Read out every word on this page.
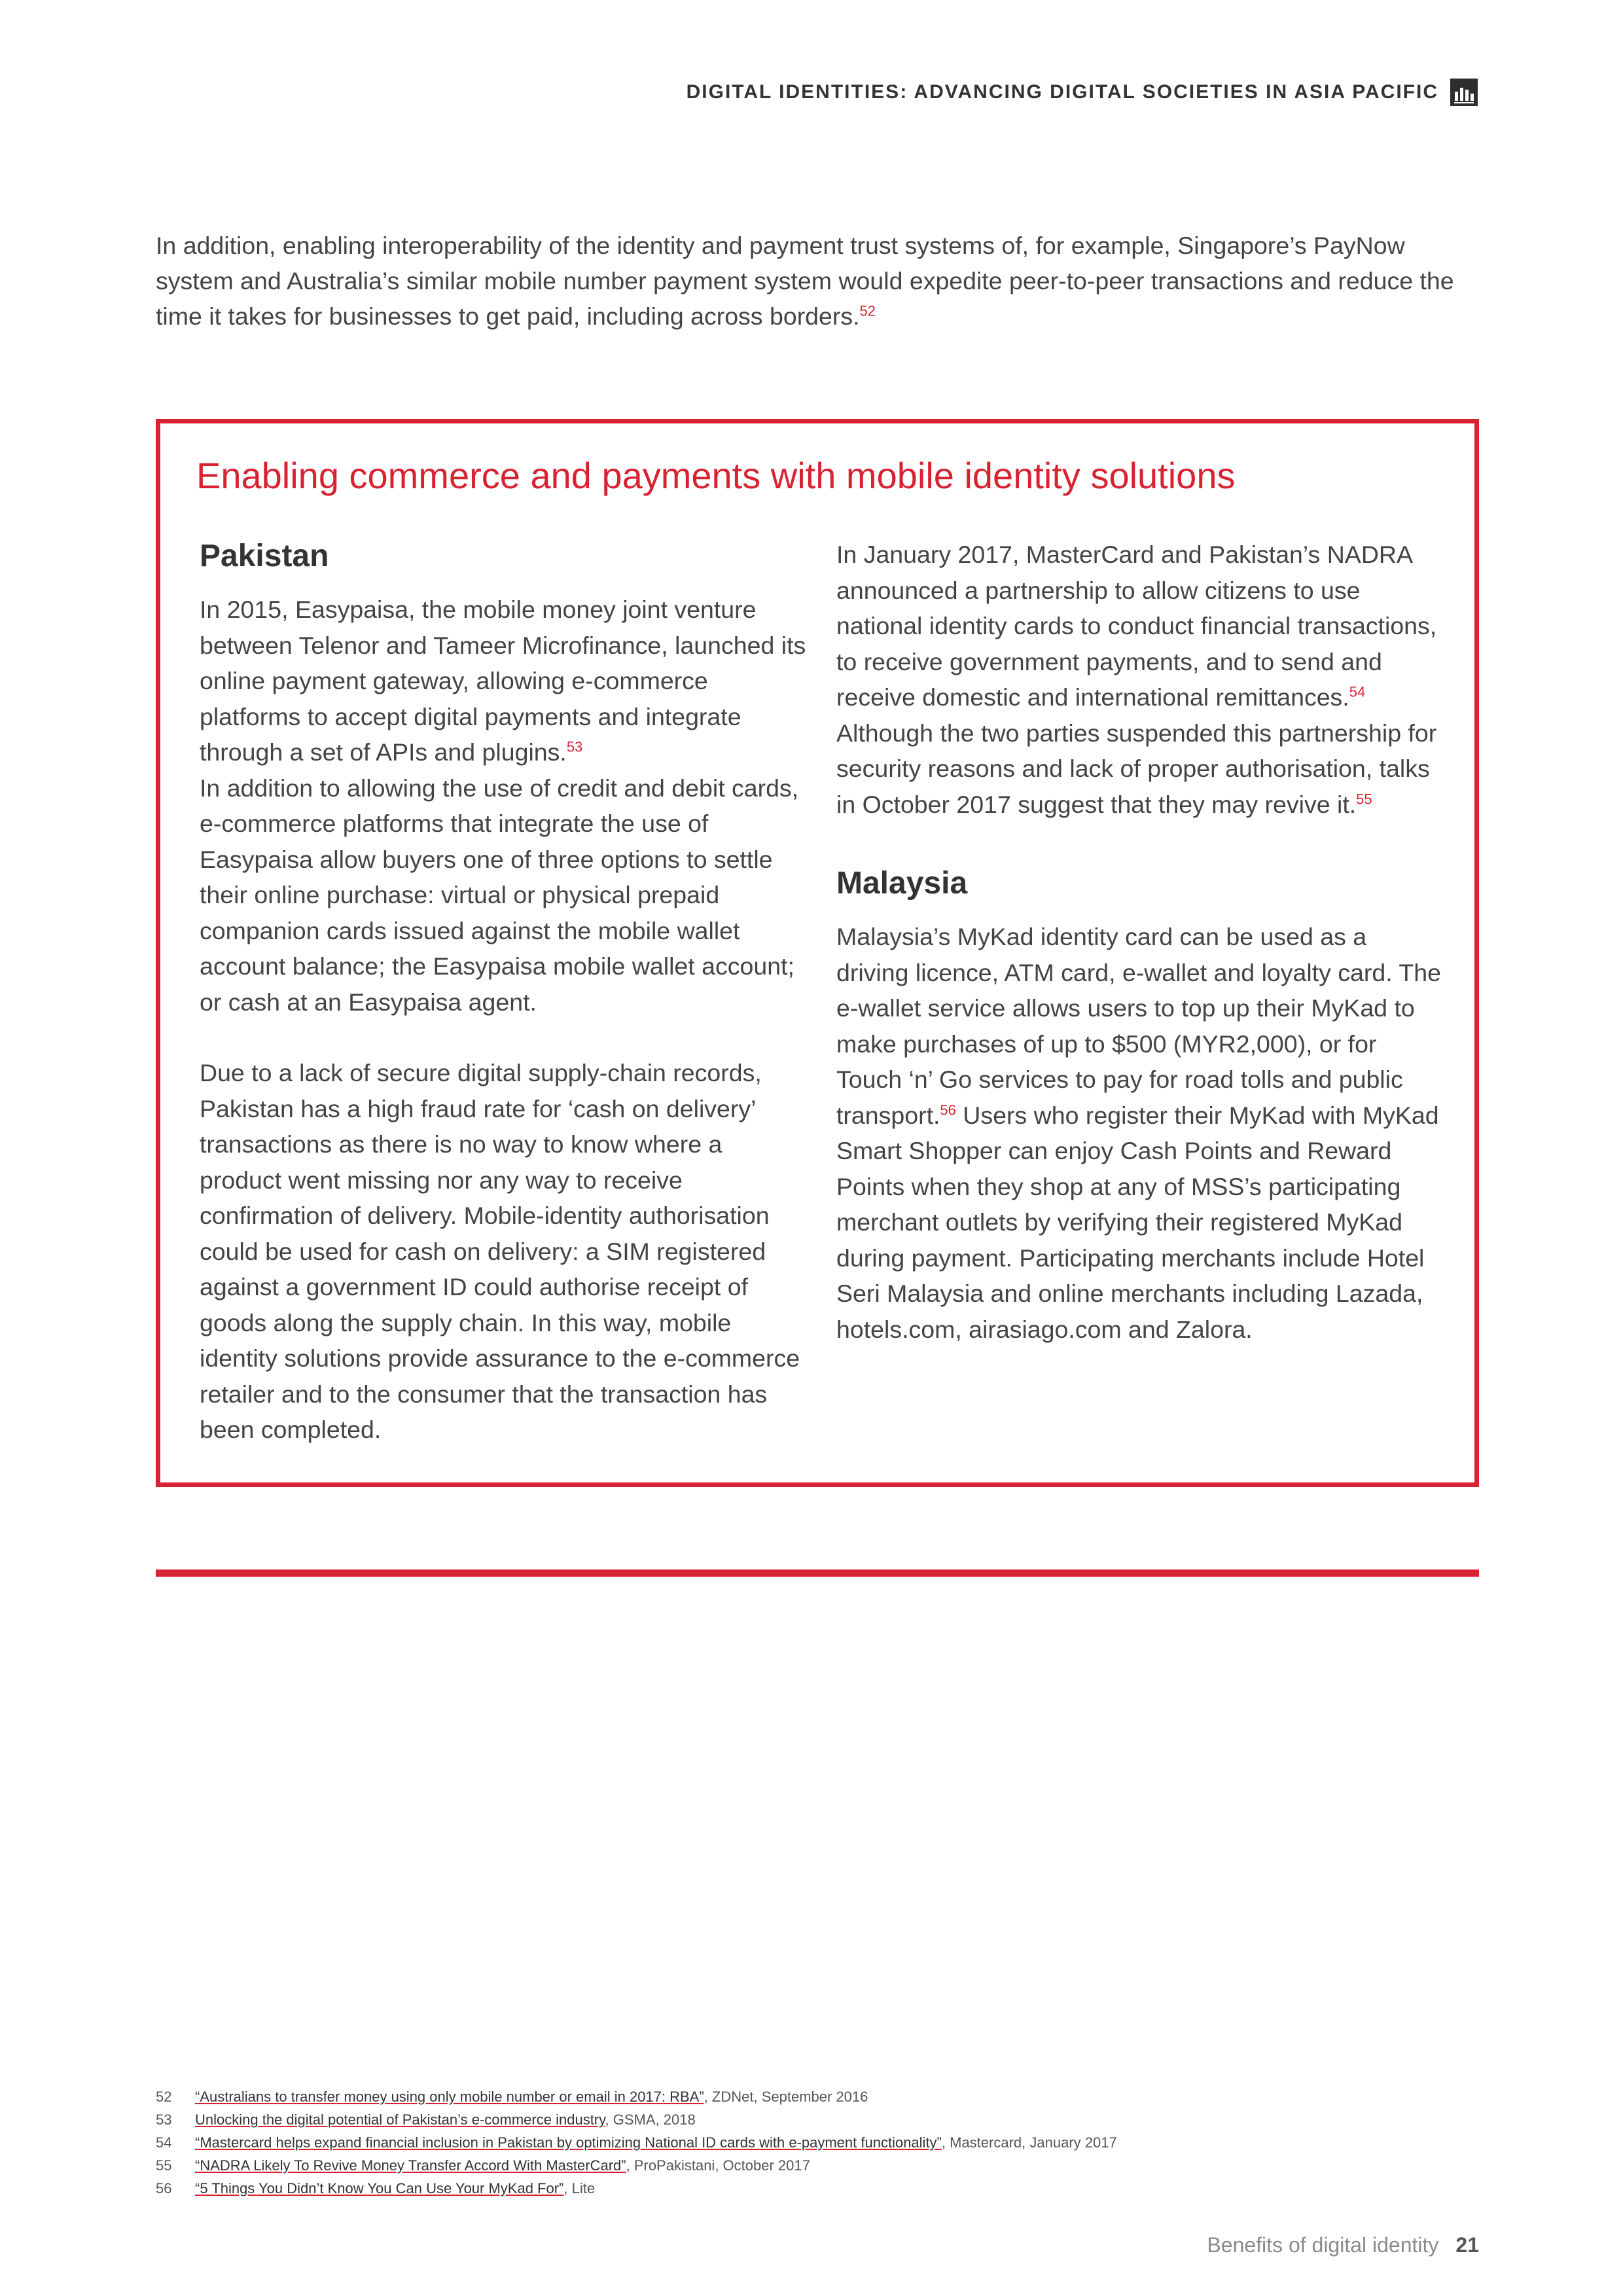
DIGITAL IDENTITIES: ADVANCING DIGITAL SOCIETIES IN ASIA PACIFIC

In addition, enabling interoperability of the identity and payment trust systems of, for example, Singapore’s PayNow system and Australia’s similar mobile number payment system would expedite peer-to-peer transactions and reduce the time it takes for businesses to get paid, including across borders.$^{52}$

Enabling commerce and payments with mobile identity solutions
Pakistan

In 2015, Easypaisa, the mobile money joint venture between Telenor and Tameer Microfinance, launched its online payment gateway, allowing e-commerce platforms to accept digital payments and integrate through a set of APIs and plugins.$^{53}$
In addition to allowing the use of credit and debit cards, e-commerce platforms that integrate the use of Easypaisa allow buyers one of three options to settle their online purchase: virtual or physical prepaid companion cards issued against the mobile wallet account balance; the Easypaisa mobile wallet account; or cash at an Easypaisa agent.

Due to a lack of secure digital supply-chain records, Pakistan has a high fraud rate for ‘cash on delivery’ transactions as there is no way to know where a product went missing nor any way to receive confirmation of delivery. Mobile-identity authorisation could be used for cash on delivery: a SIM registered against a government ID could authorise receipt of goods along the supply chain. In this way, mobile identity solutions provide assurance to the e-commerce retailer and to the consumer that the transaction has been completed.

In January 2017, MasterCard and Pakistan’s NADRA announced a partnership to allow citizens to use national identity cards to conduct financial transactions, to receive government payments, and to send and receive domestic and international remittances.$^{54}$ Although the two parties suspended this partnership for security reasons and lack of proper authorisation, talks in October 2017 suggest that they may revive it.$^{55}$

Malaysia

Malaysia’s MyKad identity card can be used as a driving licence, ATM card, e-wallet and loyalty card. The e-wallet service allows users to top up their MyKad to make purchases of up to $500 (MYR2,000), or for Touch ‘n’ Go services to pay for road tolls and public transport.$^{56}$ Users who register their MyKad with MyKad Smart Shopper can enjoy Cash Points and Reward Points when they shop at any of MSS’s participating merchant outlets by verifying their registered MyKad during payment. Participating merchants include Hotel Seri Malaysia and online merchants including Lazada, hotels.com, airasiago.com and Zalora.

52	“Australians to transfer money using only mobile number or email in 2017: RBA”, ZDNet, September 2016
53	Unlocking the digital potential of Pakistan’s e-commerce industry, GSMA, 2018
54	“Mastercard helps expand financial inclusion in Pakistan by optimizing National ID cards with e-payment functionality”, Mastercard, January 2017
55	“NADRA Likely To Revive Money Transfer Accord With MasterCard”, ProPakistani, October 2017
56	“5 Things You Didn’t Know You Can Use Your MyKad For”, Lite
Benefits of digital identity 21
